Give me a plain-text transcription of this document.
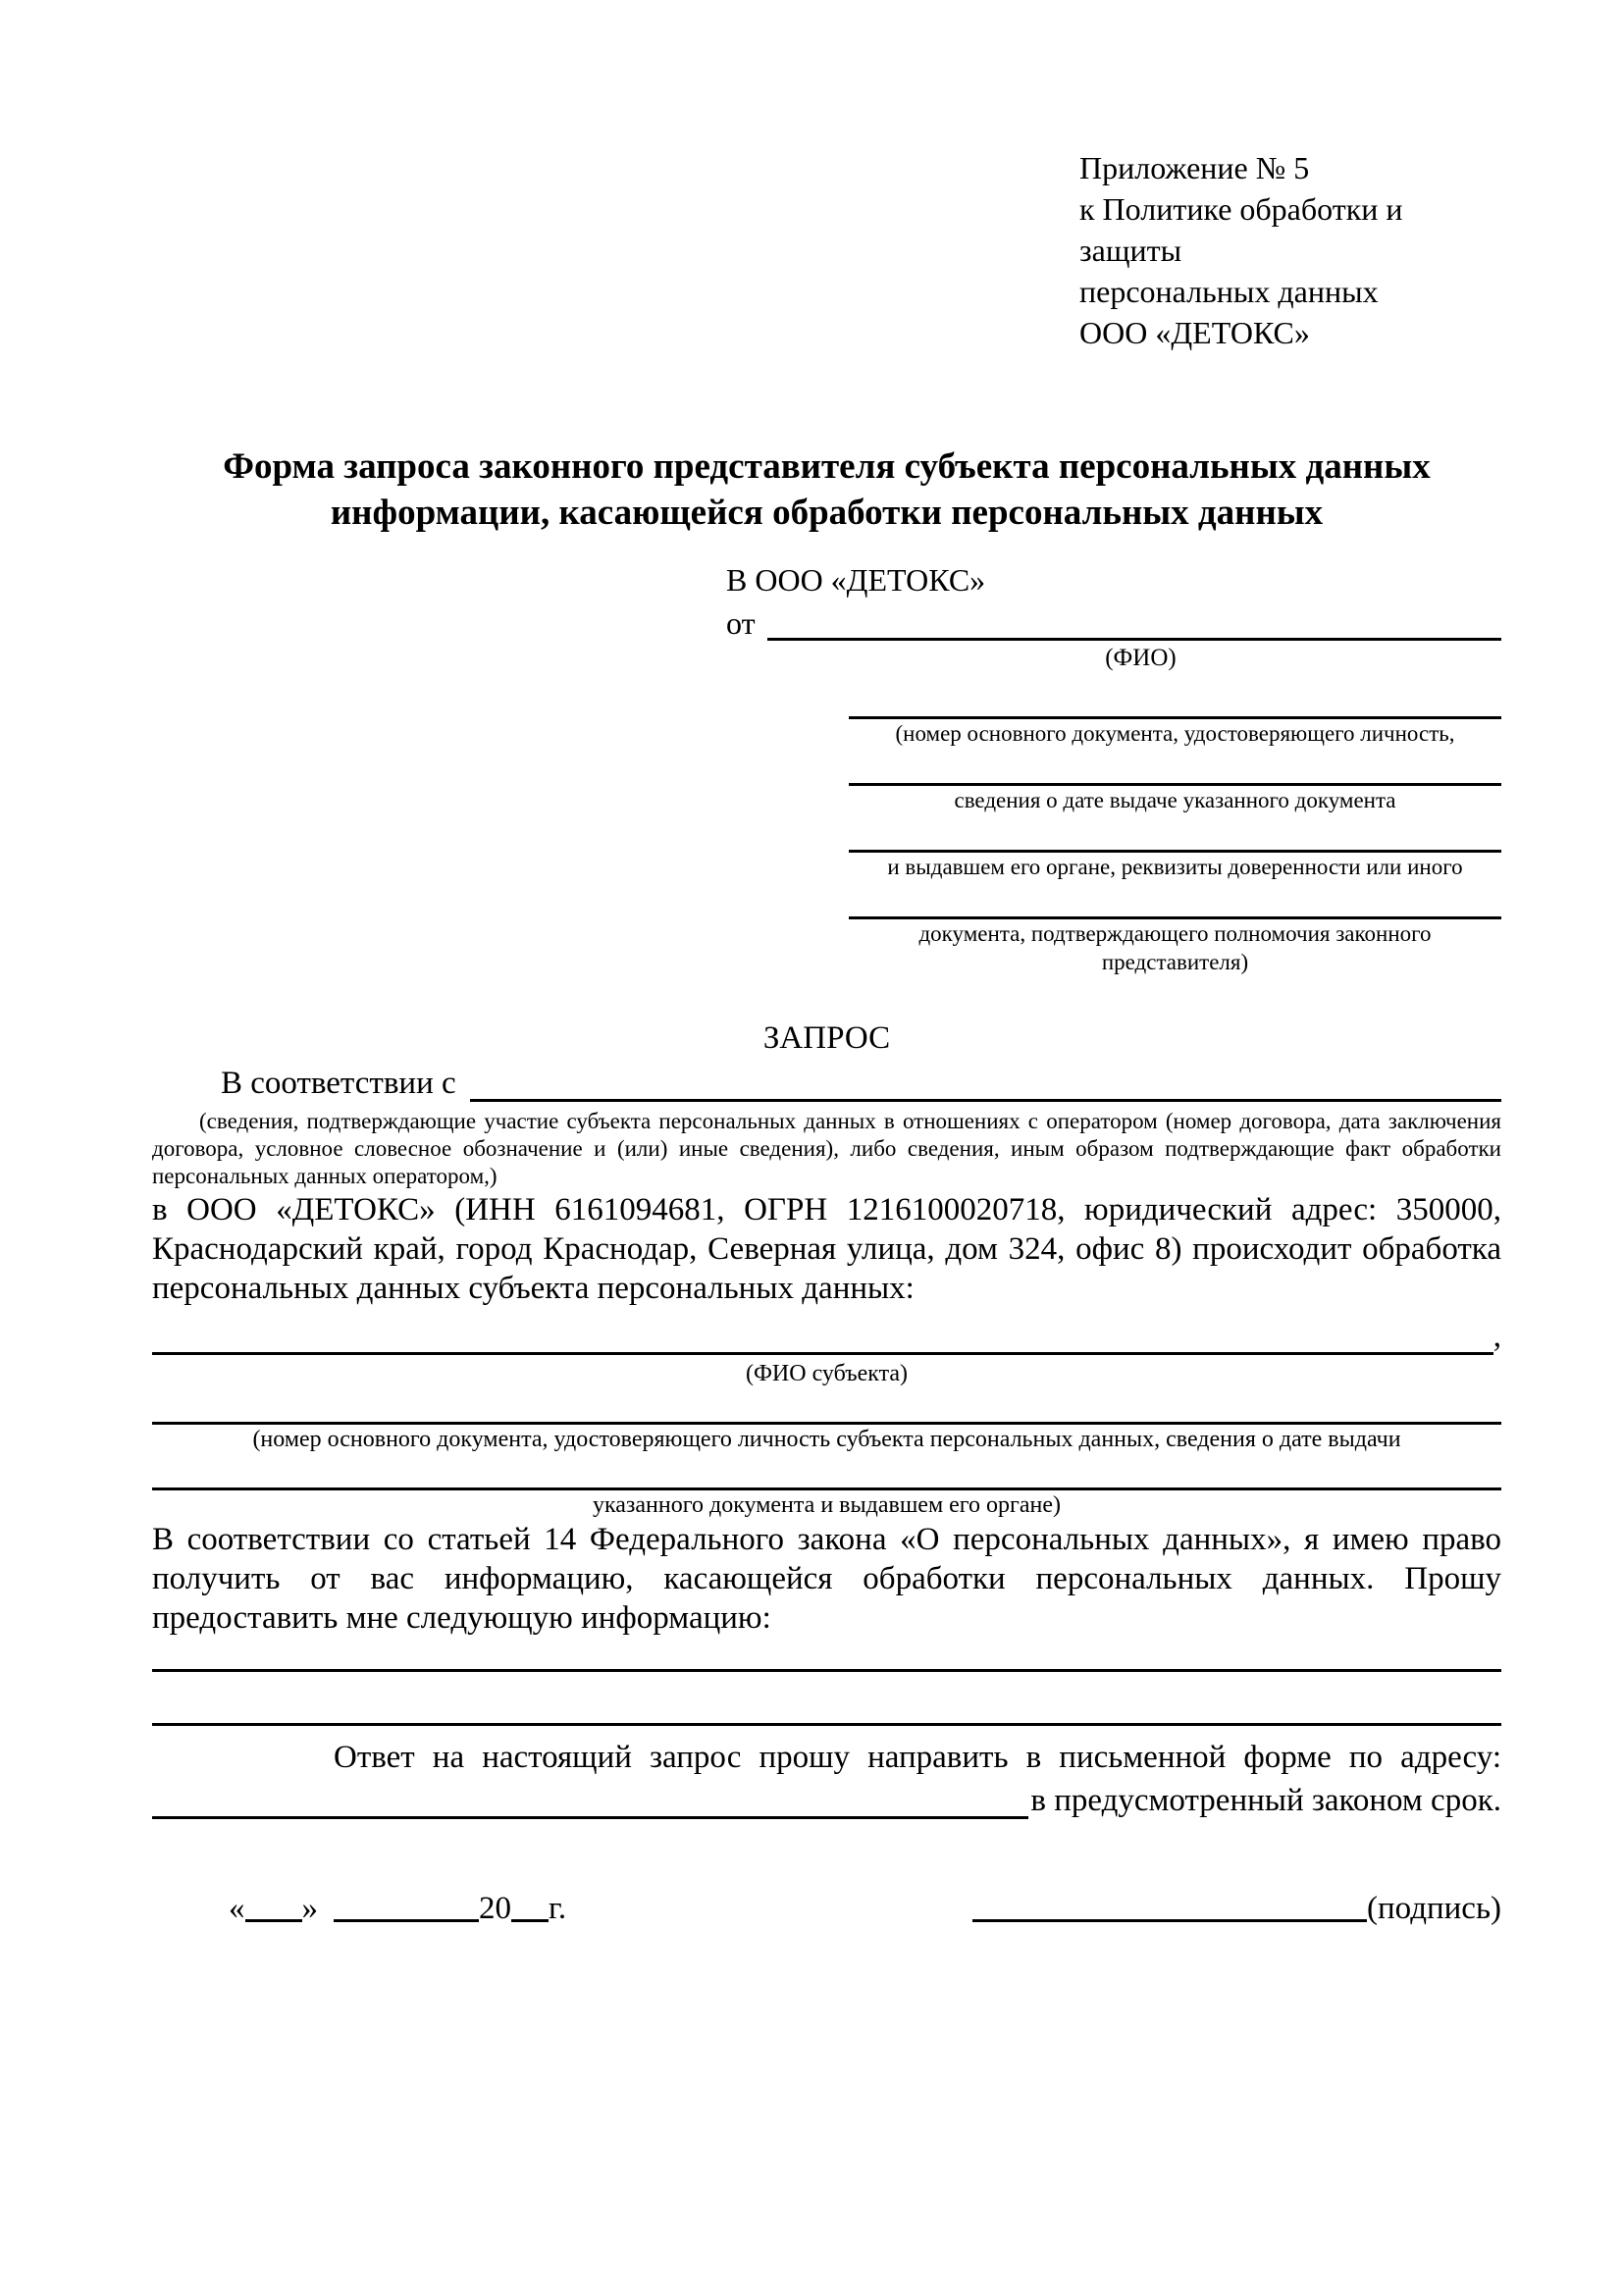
Приложение № 5
к Политике обработки и защиты
персональных данных
ООО «ДЕТОКС»
Форма запроса законного представителя субъекта персональных данных
информации, касающейся обработки персональных данных
В ООО «ДЕТОКС»
от
(ФИО)
(номер основного документа, удостоверяющего личность,
сведения о дате выдаче указанного документа
и выдавшем его органе, реквизиты доверенности или иного
документа, подтверждающего полномочия законного представителя)
ЗАПРОС
В соответствии с
(сведения, подтверждающие участие субъекта персональных данных в отношениях с оператором (номер договора, дата заключения договора, условное словесное обозначение и (или) иные сведения), либо сведения, иным образом подтверждающие факт обработки персональных данных оператором,)

в ООО «ДЕТОКС» (ИНН 6161094681, ОГРН 1216100020718, юридический адрес: 350000, Краснодарский край, город Краснодар, Северная улица, дом 324, офис 8) происходит обработка персональных данных субъекта персональных данных:

,
(ФИО субъекта)
(номер основного документа, удостоверяющего личность субъекта персональных данных, сведения о дате выдачи
указанного документа и выдавшем его органе)

В соответствии со статьей 14 Федерального закона «О персональных данных», я имею право получить от вас информацию, касающейся обработки персональных данных. Прошу предоставить мне следующую информацию:

Ответ на настоящий запрос прошу направить в письменной форме по адресу:
в предусмотренный законом срок.
« »	20 г.	(подпись)
